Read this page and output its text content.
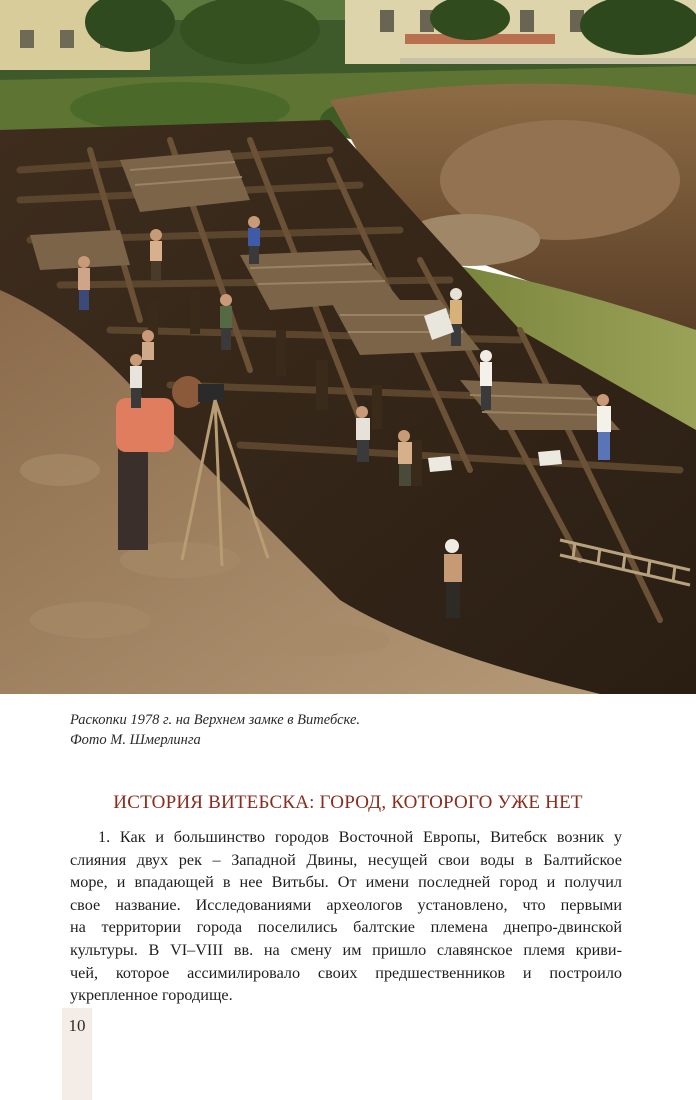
Раскопки 1978 г. на Верхнем замке в Витебске.
Фото М. Шмерлинга
ИСТОРИЯ ВИТЕБСКА: ГОРОД, КОТОРОГО УЖЕ НЕТ
1. Как и большинство городов Восточной Европы, Витебск возник у
слияния двух рек – Западной Двины, несущей свои воды в Балтийское
море, и впадающей в нее Витьбы. От имени последней город и получил
свое название. Исследованиями археологов установлено, что первыми
на территории города поселились балтские племена днепро-двинской
культуры. В VI–VIII вв. на смену им пришло славянское племя криви-
чей, которое ассимилировало своих предшественников и построило
укрепленное городище.
10
